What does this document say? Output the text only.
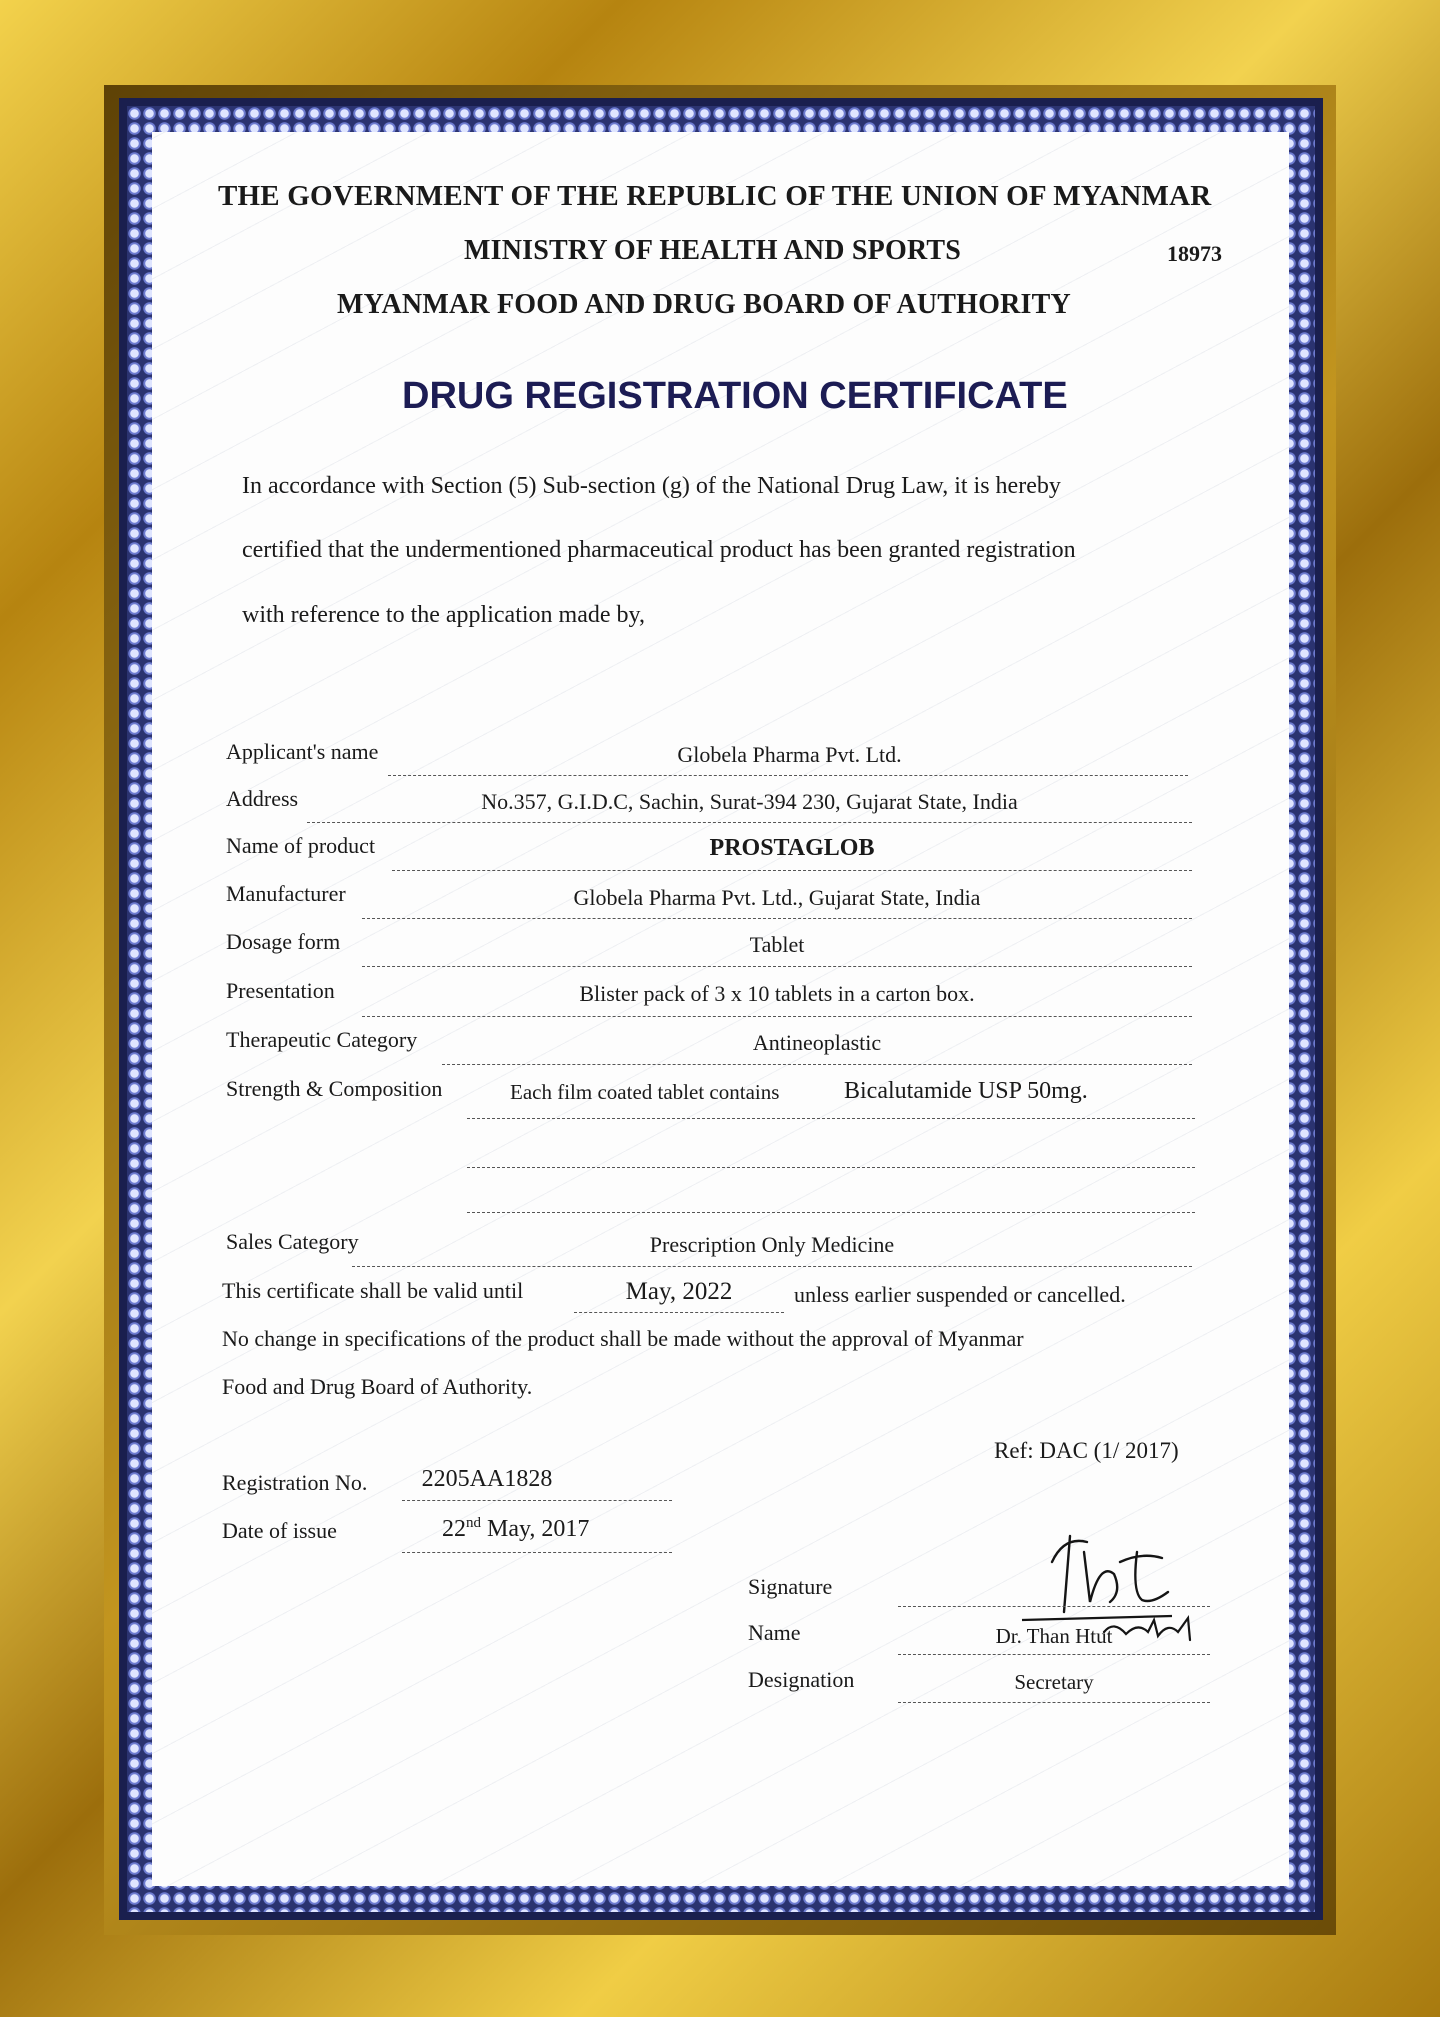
THE GOVERNMENT OF THE REPUBLIC OF THE UNION OF MYANMAR
MINISTRY OF HEALTH AND SPORTS	18973
MYANMAR FOOD AND DRUG BOARD OF AUTHORITY
DRUG REGISTRATION CERTIFICATE
In accordance with Section (5) Sub-section (g) of the National Drug Law, it is hereby
certified that the undermentioned pharmaceutical product has been granted registration
with reference to the application made by,
Applicant's name	Globela Pharma Pvt. Ltd.
Address	No.357, G.I.D.C, Sachin, Surat-394 230, Gujarat State, India
Name of product	PROSTAGLOB
Manufacturer	Globela Pharma Pvt. Ltd., Gujarat State, India
Dosage form	Tablet
Presentation	Blister pack of 3 x 10 tablets in a carton box.
Therapeutic Category	Antineoplastic
Strength & Composition	Each film coated tablet contains	Bicalutamide USP 50mg.
Sales Category	Prescription Only Medicine
This certificate shall be valid until	May, 2022	unless earlier suspended or cancelled.
No change in specifications of the product shall be made without the approval of Myanmar
Food and Drug Board of Authority.
Ref: DAC (1/ 2017)
Registration No.	2205AA1828
Date of issue	22nd May, 2017
Signature
Name	Dr. Than Htut
Designation	Secretary
